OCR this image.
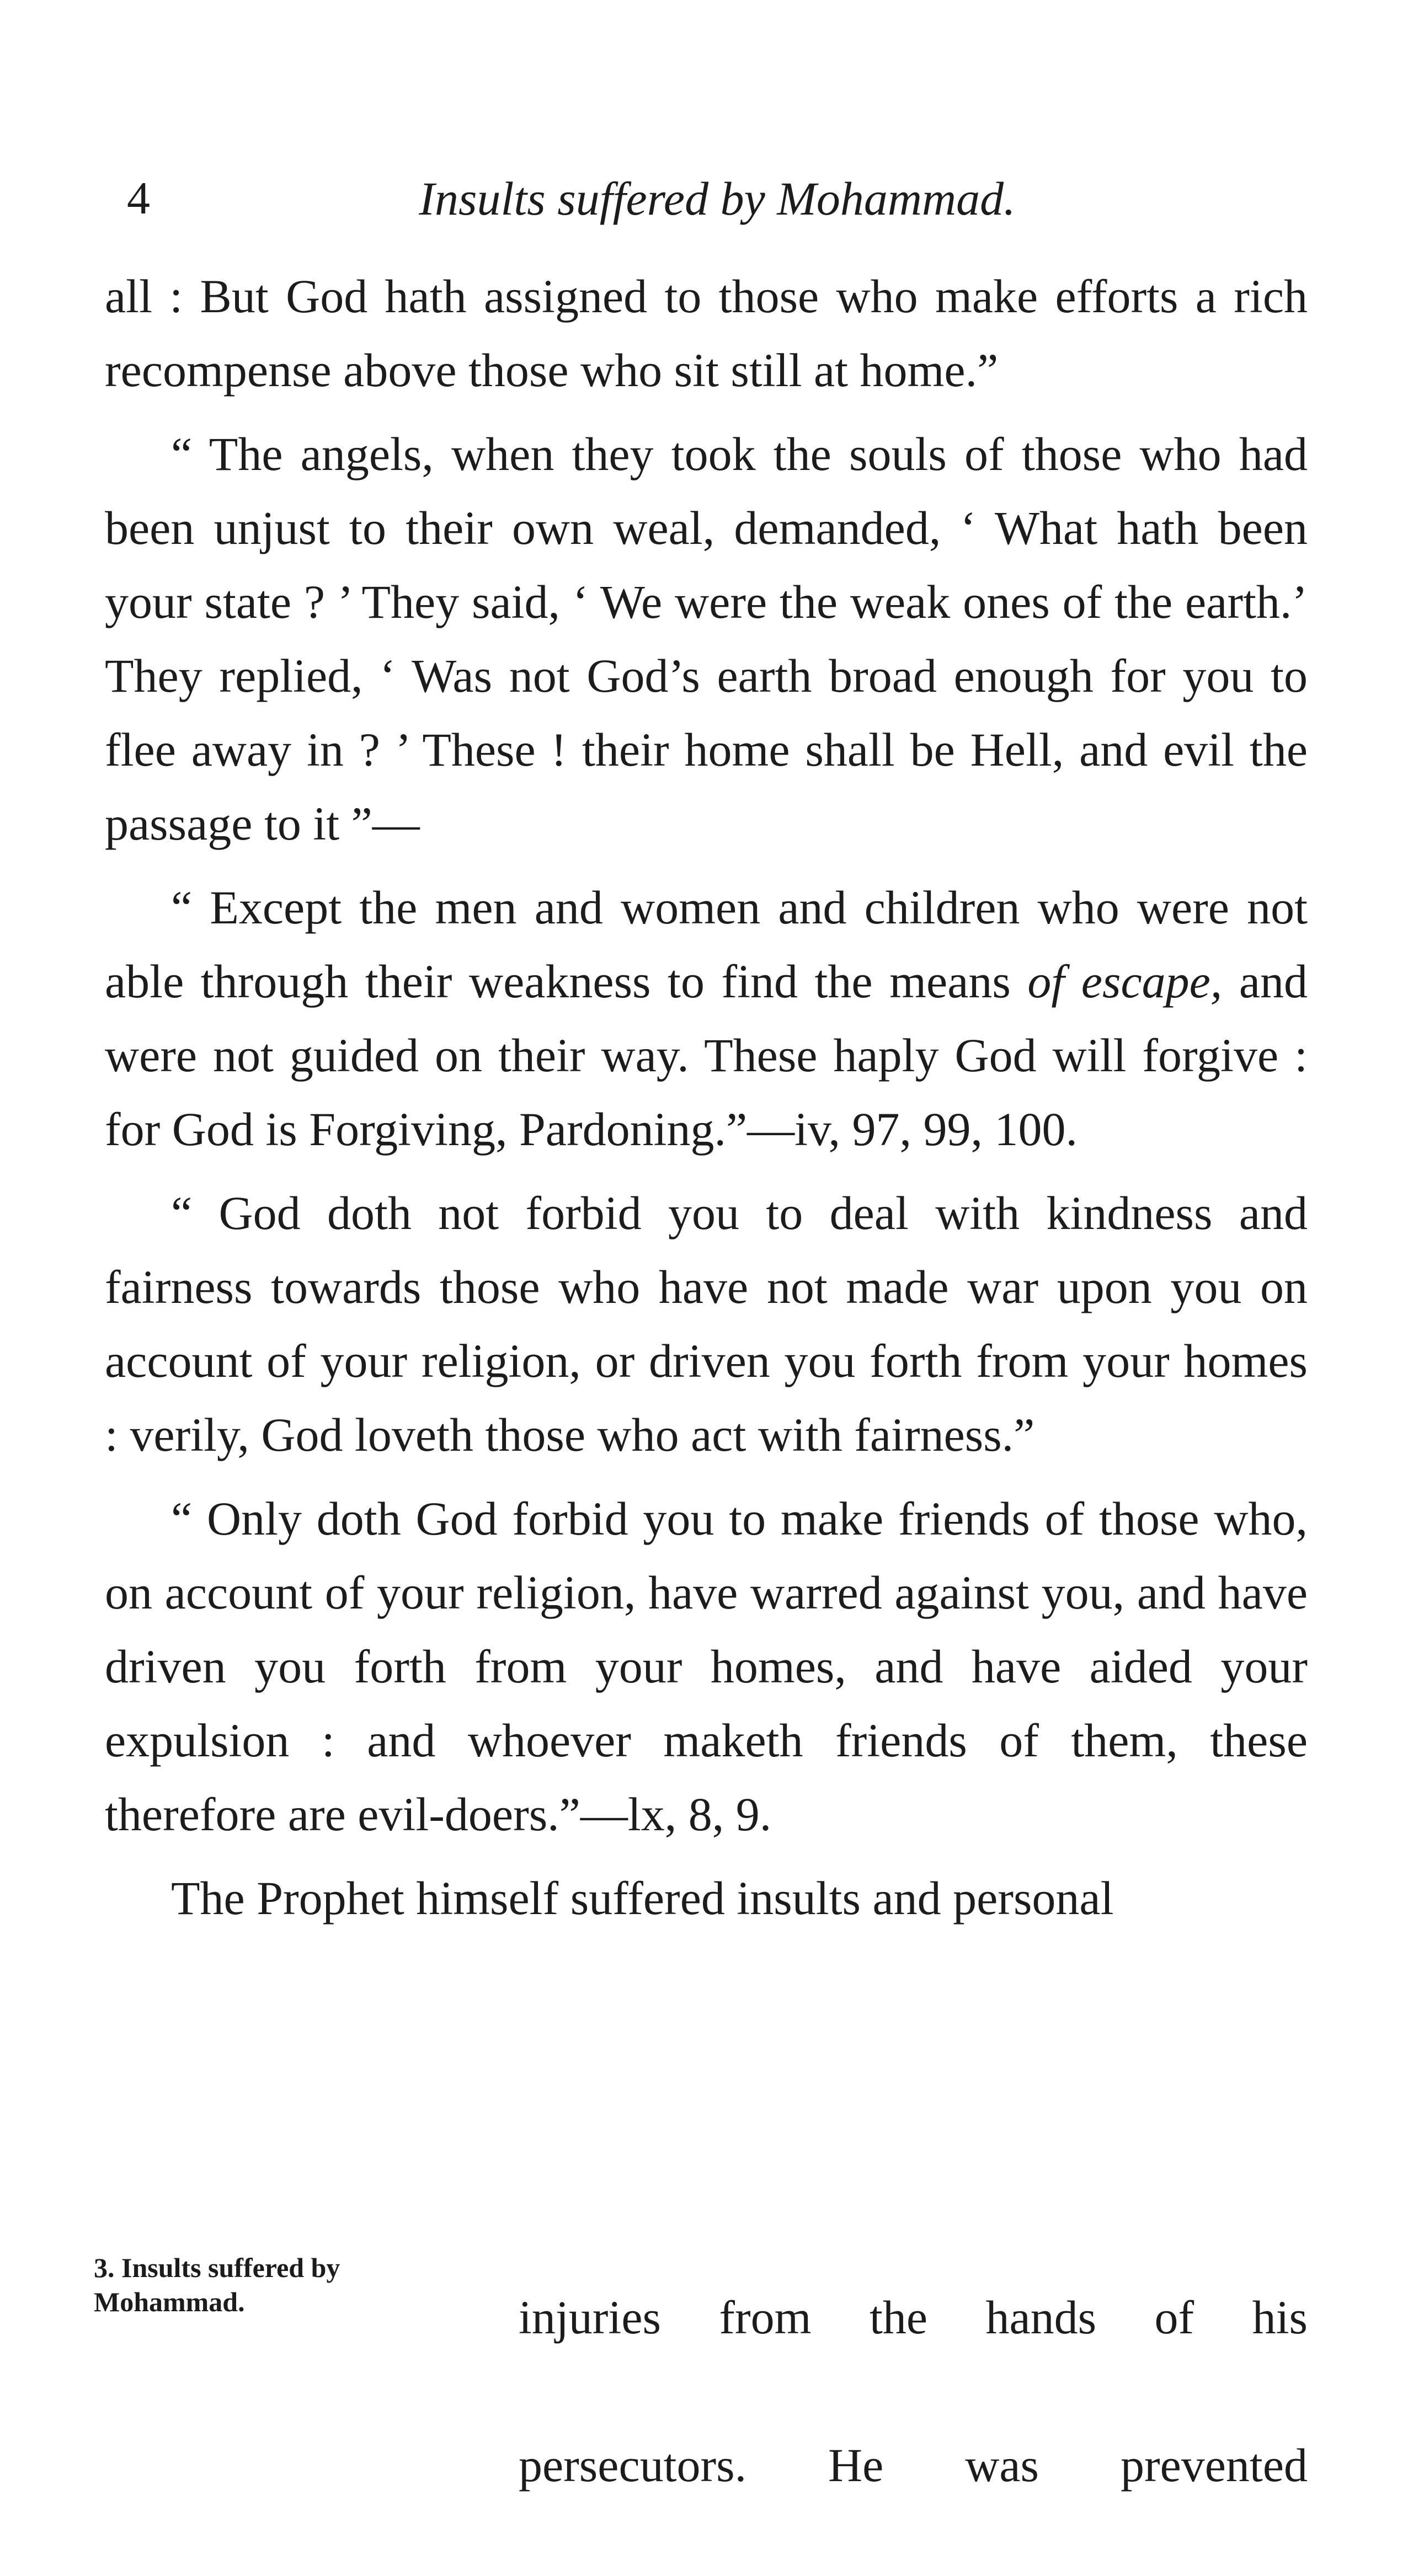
4	Insults suffered by Mohammad.

all : But God hath assigned to those who make efforts a rich recompense above those who sit still at home.”

“ The angels, when they took the souls of those who had been unjust to their own weal, demanded, ‘ What hath been your state ? ’ They said, ‘ We were the weak ones of the earth.’ They replied, ‘ Was not God’s earth broad enough for you to flee away in ? ’ These ! their home shall be Hell, and evil the passage to it ”—

“ Except the men and women and children who were not able through their weakness to find the means of escape, and were not guided on their way. These haply God will forgive : for God is Forgiving, Pardoning.”—iv, 97, 99, 100.

“ God doth not forbid you to deal with kindness and fairness towards those who have not made war upon you on account of your religion, or driven you forth from your homes : verily, God loveth those who act with fairness.”

“ Only doth God forbid you to make friends of those who, on account of your religion, have warred against you, and have driven you forth from your homes, and have aided your expulsion : and whoever maketh friends of them, these therefore are evil-doers.”—lx, 8, 9.

The Prophet himself suffered insults and personal

3. Insults suffered by Mohammad.	injuries from the hands of his

persecutors. He was prevented
